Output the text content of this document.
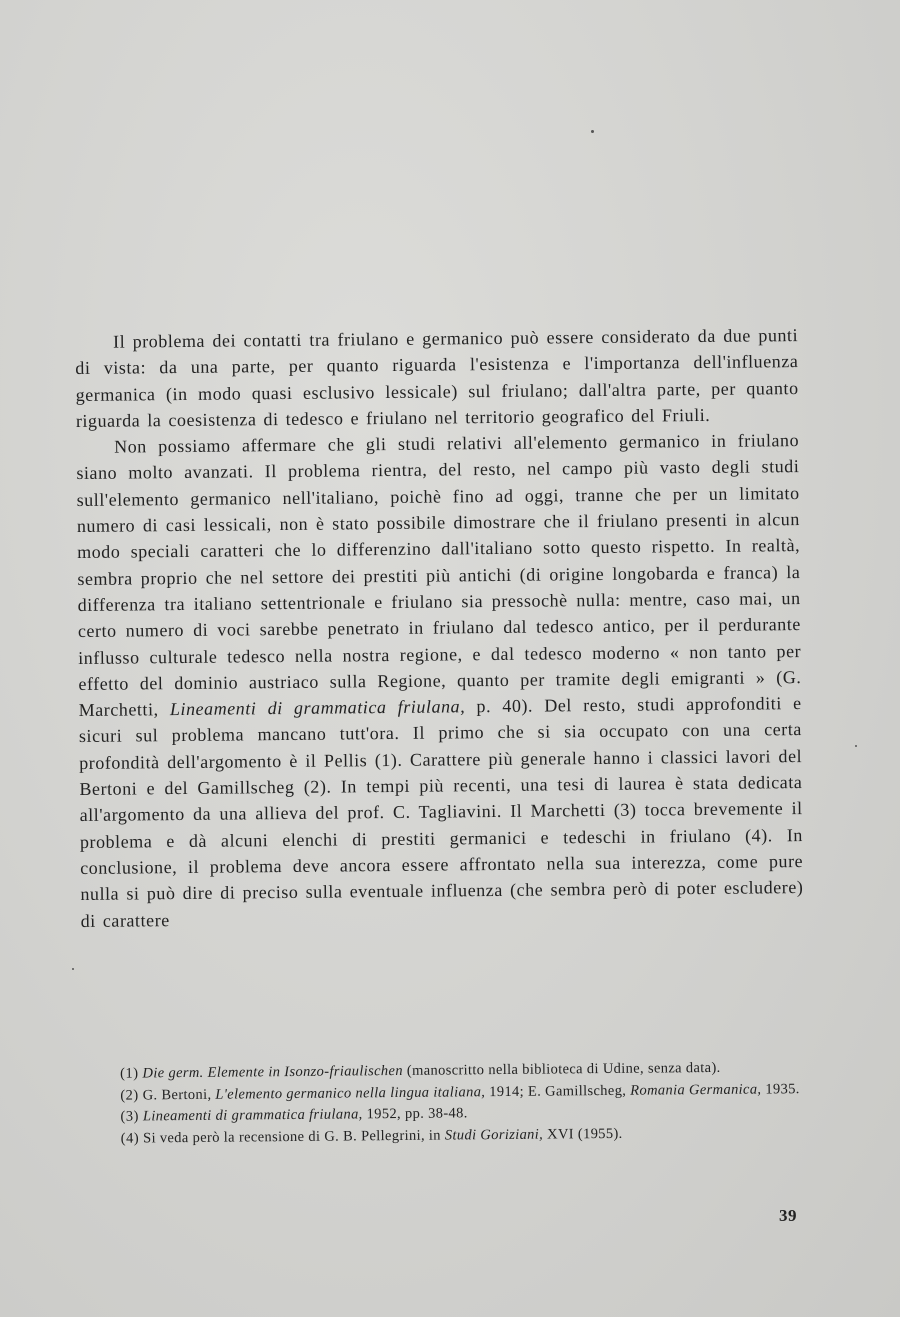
Il problema dei contatti tra friulano e germanico può essere considerato da due punti di vista: da una parte, per quanto riguarda l'esistenza e l'importanza dell'influenza germanica (in modo quasi esclusivo lessicale) sul friulano; dall'altra parte, per quanto riguarda la coesistenza di tedesco e friulano nel territorio geografico del Friuli.

Non possiamo affermare che gli studi relativi all'elemento germanico in friulano siano molto avanzati. Il problema rientra, del resto, nel campo più vasto degli studi sull'elemento germanico nell'italiano, poichè fino ad oggi, tranne che per un limitato numero di casi lessicali, non è stato possibile dimostrare che il friulano presenti in alcun modo speciali caratteri che lo differenzino dall'italiano sotto questo rispetto. In realtà, sembra proprio che nel settore dei prestiti più antichi (di origine longobarda e franca) la differenza tra italiano settentrionale e friulano sia pressochè nulla: mentre, caso mai, un certo numero di voci sarebbe penetrato in friulano dal tedesco antico, per il perdurante influsso culturale tedesco nella nostra regione, e dal tedesco moderno « non tanto per effetto del dominio austriaco sulla Regione, quanto per tramite degli emigranti » (G. Marchetti, Lineamenti di grammatica friulana, p. 40). Del resto, studi approfonditi e sicuri sul problema mancano tutt'ora. Il primo che si sia occupato con una certa profondità dell'argomento è il Pellis (1). Carattere più generale hanno i classici lavori del Bertoni e del Gamillscheg (2). In tempi più recenti, una tesi di laurea è stata dedicata all'argomento da una allieva del prof. C. Tagliavini. Il Marchetti (3) tocca brevemente il problema e dà alcuni elenchi di prestiti germanici e tedeschi in friulano (4). In conclusione, il problema deve ancora essere affrontato nella sua interezza, come pure nulla si può dire di preciso sulla eventuale influenza (che sembra però di poter escludere) di carattere

(1) Die germ. Elemente in Isonzo-friaulischen (manoscritto nella biblioteca di Udine, senza data).

(2) G. Bertoni, L'elemento germanico nella lingua italiana, 1914; E. Gamillscheg, Romania Germanica, 1935.

(3) Lineamenti di grammatica friulana, 1952, pp. 38-48.

(4) Si veda però la recensione di G. B. Pellegrini, in Studi Goriziani, XVI (1955).

39
